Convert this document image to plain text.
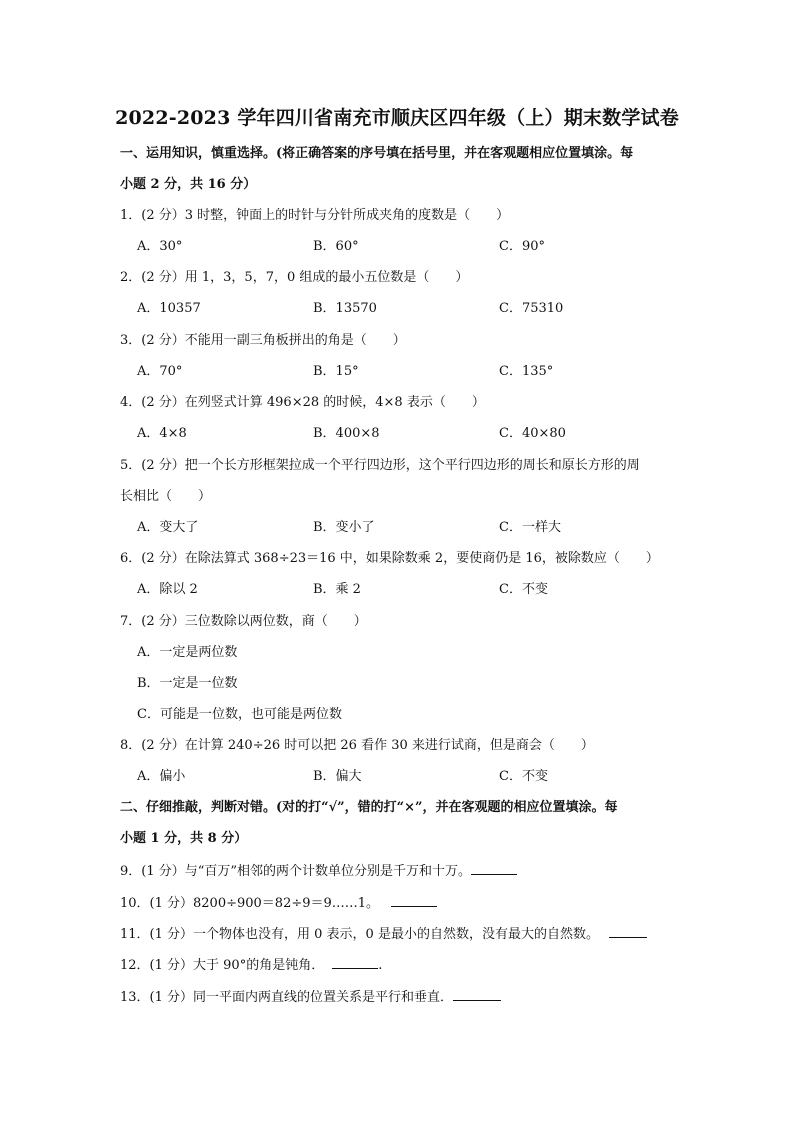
2022-2023 学年四川省南充市顺庆区四年级（上）期末数学试卷
一、运用知识，慎重选择。(将正确答案的序号填在括号里，并在客观题相应位置填涂。每
小题 2 分，共 16 分）
1．(2 分）3 时整，钟面上的时针与分针所成夹角的度数是（　　）
A．30°	B．60°	C．90°
2．(2 分）用 1，3，5，7，0 组成的最小五位数是（　　）
A．10357	B．13570	C．75310
3．(2 分）不能用一副三角板拼出的角是（　　）
A．70°	B．15°	C．135°
4．(2 分）在列竖式计算 496×28 的时候，4×8 表示（　　）
A．4×8	B．400×8	C．40×80
5．(2 分）把一个长方形框架拉成一个平行四边形，这个平行四边形的周长和原长方形的周
长相比（　　）
A．变大了	B．变小了	C．一样大
6．(2 分）在除法算式 368÷23＝16 中，如果除数乘 2，要使商仍是 16，被除数应（　　）
A．除以 2	B．乘 2	C．不变
7．(2 分）三位数除以两位数，商（　　）
A．一定是两位数
B．一定是一位数
C．可能是一位数，也可能是两位数
8．(2 分）在计算 240÷26 时可以把 26 看作 30 来进行试商，但是商会（　　）
A．偏小	B．偏大	C．不变
二、仔细推敲，判断对错。(对的打“√”，错的打“×”，并在客观题的相应位置填涂。每
小题 1 分，共 8 分）
9．(1 分）与“百万”相邻的两个计数单位分别是千万和十万。
10．(1 分）8200÷900＝82÷9＝9……1。
11．(1 分）一个物体也没有，用 0 表示，0 是最小的自然数，没有最大的自然数。
12．(1 分）大于 90°的角是钝角．	.
13．(1 分）同一平面内两直线的位置关系是平行和垂直．
